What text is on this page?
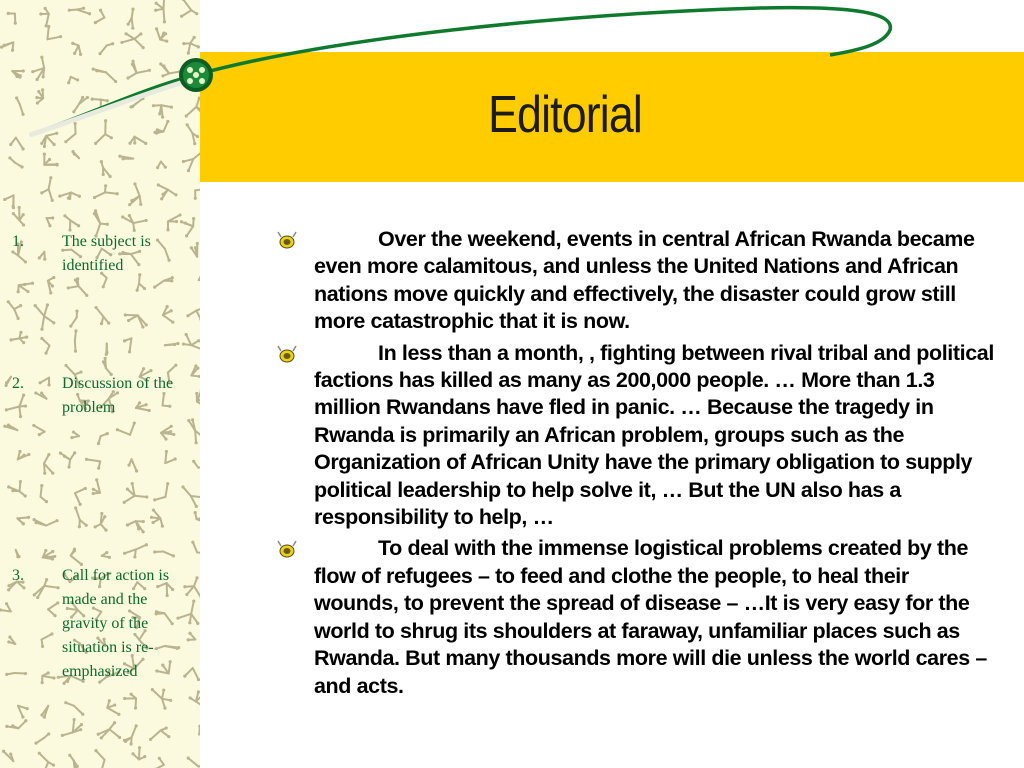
Editorial
1.	The subject is identified
2.	Discussion of the problem
3.	Call for action is made and the gravity of the situation is re-emphasized
Over the weekend, events in central African Rwanda became even more calamitous, and unless the United Nations and African nations move quickly and effectively, the disaster could grow still more catastrophic that it is now.
In less than a month, , fighting between rival tribal and political factions has killed as many as 200,000 people. … More than 1.3 million Rwandans have fled in panic. … Because the tragedy in Rwanda is primarily an African problem, groups such as the Organization of African Unity have the primary obligation to supply political leadership to help solve it, … But the UN also has a responsibility to help, …
To deal with the immense logistical problems created by the flow of refugees – to feed and clothe the people, to heal their wounds, to prevent the spread of disease – …It is very easy for the world to shrug its shoulders at faraway, unfamiliar places such as Rwanda. But many thousands more will die unless the world cares – and acts.
